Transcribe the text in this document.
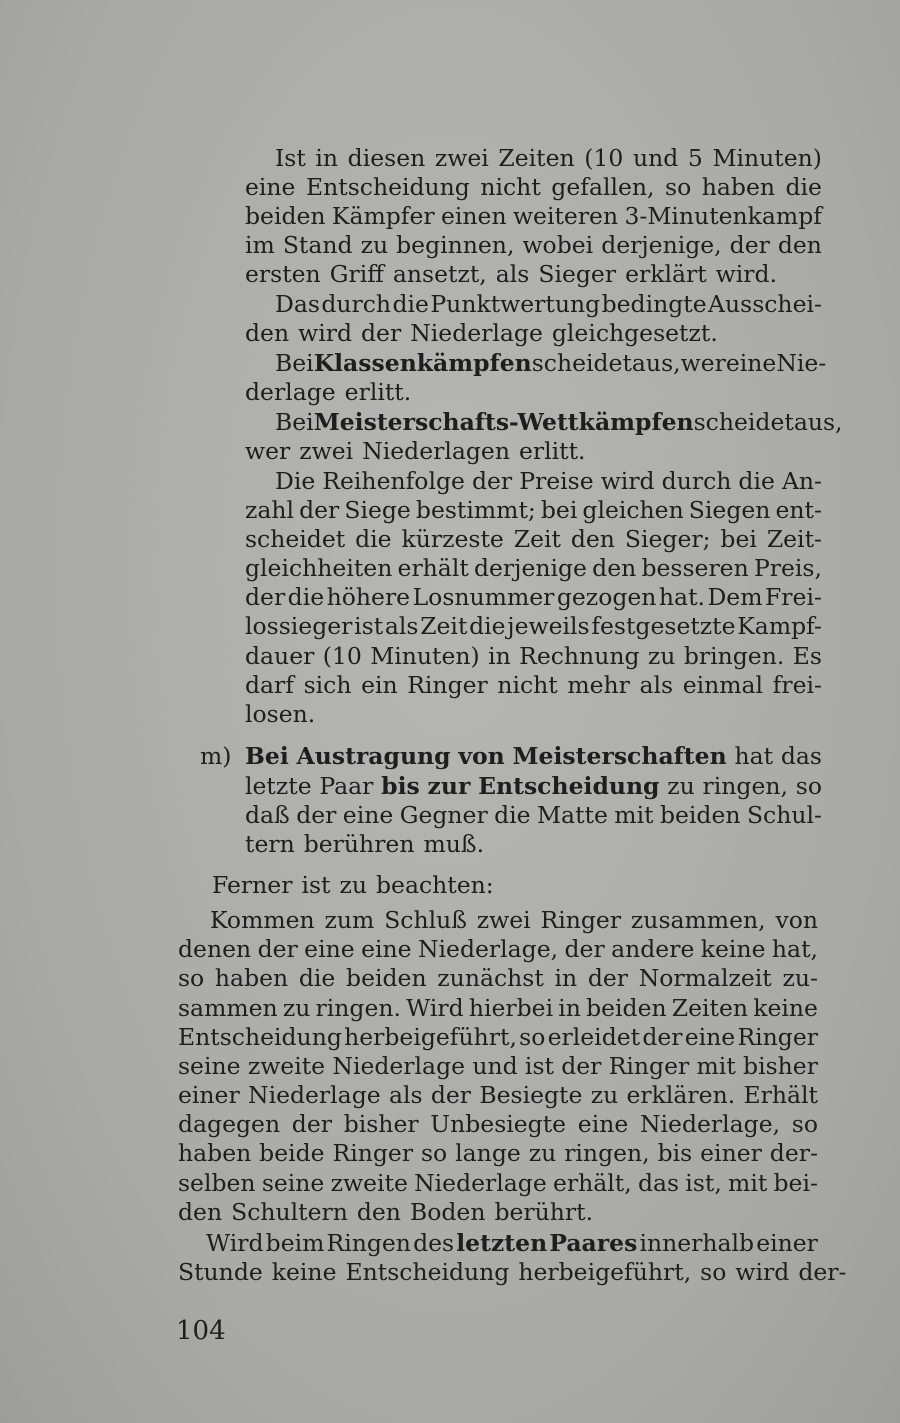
m)
104
Ist in diesen zwei Zeiten (10 und 5 Minuten)
eine Entscheidung nicht gefallen, so haben die
beiden Kämpfer einen weiteren 3-Minutenkampf
im Stand zu beginnen, wobei derjenige, der den
ersten Griff ansetzt, als Sieger erklärt wird.
Das durch die Punktwertung bedingte Ausschei-
den wird der Niederlage gleichgesetzt.
Bei Klassenkämpfen scheidet aus, wer eine Nie-
derlage erlitt.
Bei Meisterschafts-Wettkämpfen scheidet aus,
wer zwei Niederlagen erlitt.
Die Reihenfolge der Preise wird durch die An-
zahl der Siege bestimmt; bei gleichen Siegen ent-
scheidet die kürzeste Zeit den Sieger; bei Zeit-
gleichheiten erhält derjenige den besseren Preis,
der die höhere Losnummer gezogen hat. Dem Frei-
lossieger ist als Zeit die jeweils festgesetzte Kampf-
dauer (10 Minuten) in Rechnung zu bringen. Es
darf sich ein Ringer nicht mehr als einmal frei-
losen.
Bei Austragung von Meisterschaften hat das
letzte Paar bis zur Entscheidung zu ringen, so
daß der eine Gegner die Matte mit beiden Schul-
tern berühren muß.
Ferner ist zu beachten:
Kommen zum Schluß zwei Ringer zusammen, von
denen der eine eine Niederlage, der andere keine hat,
so haben die beiden zunächst in der Normalzeit zu-
sammen zu ringen. Wird hierbei in beiden Zeiten keine
Entscheidung herbeigeführt, so erleidet der eine Ringer
seine zweite Niederlage und ist der Ringer mit bisher
einer Niederlage als der Besiegte zu erklären. Erhält
dagegen der bisher Unbesiegte eine Niederlage, so
haben beide Ringer so lange zu ringen, bis einer der-
selben seine zweite Niederlage erhält, das ist, mit bei-
den Schultern den Boden berührt.
Wird beim Ringen des letzten Paares innerhalb einer
Stunde keine Entscheidung herbeigeführt, so wird der-
